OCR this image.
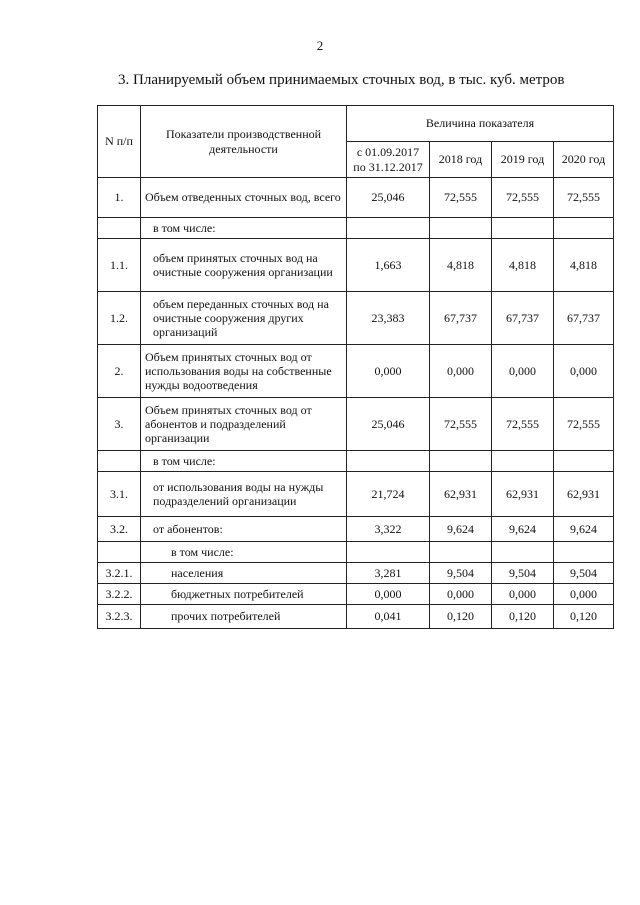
2
3. Планируемый объем принимаемых сточных вод, в тыс. куб. метров
N п/п	Показатели производственной деятельности	Величина показателя			
		с 01.09.2017 по 31.12.2017	2018 год	2019 год	2020 год
1.	Объем отведенных сточных вод, всего	25,046	72,555	72,555	72,555
	в том числе:				
1.1.	объем принятых сточных вод на очистные сооружения организации	1,663	4,818	4,818	4,818
1.2.	объем переданных сточных вод на очистные сооружения других организаций	23,383	67,737	67,737	67,737
2.	Объем принятых сточных вод от использования воды на собственные нужды водоотведения	0,000	0,000	0,000	0,000
3.	Объем принятых сточных вод от абонентов и подразделений организации	25,046	72,555	72,555	72,555
	в том числе:				
3.1.	от использования воды на нужды подразделений организации	21,724	62,931	62,931	62,931
3.2.	от абонентов:	3,322	9,624	9,624	9,624
	в том числе:				
3.2.1.	населения	3,281	9,504	9,504	9,504
3.2.2.	бюджетных потребителей	0,000	0,000	0,000	0,000
3.2.3.	прочих потребителей	0,041	0,120	0,120	0,120
